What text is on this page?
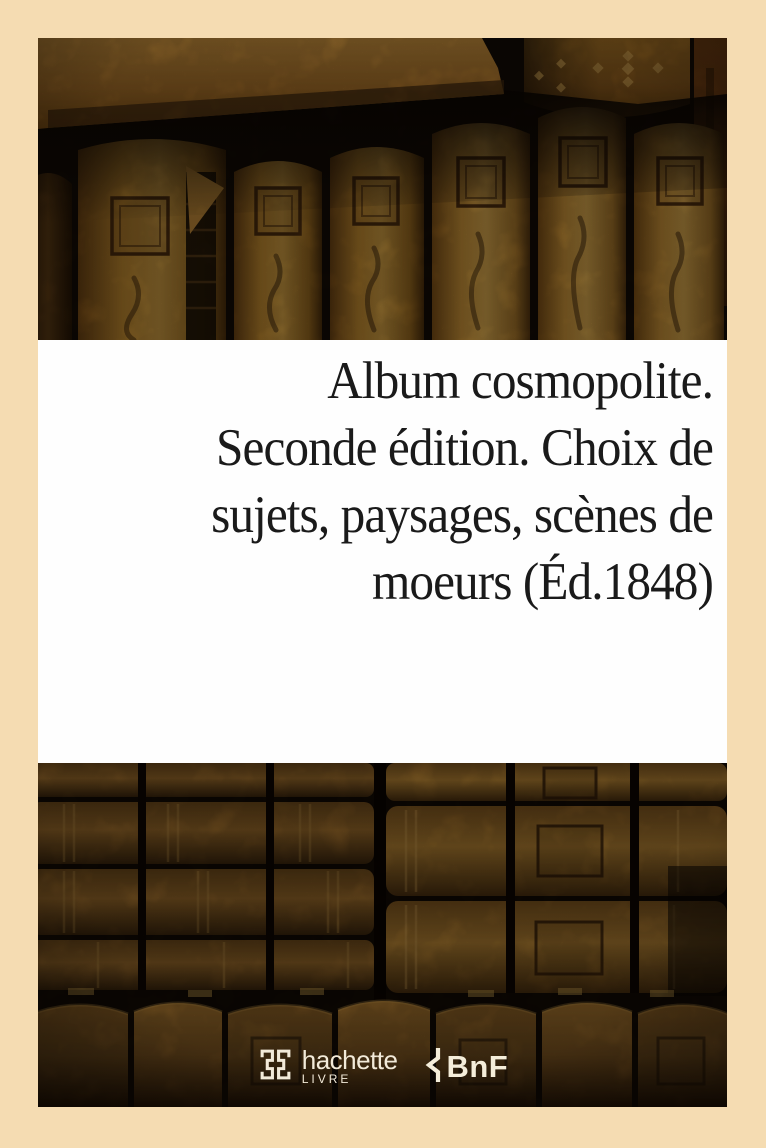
Album cosmopolite.
Seconde édition. Choix de
sujets, paysages, scènes de
moeurs (Éd.1848)
hachette
LIVRE	BnF
